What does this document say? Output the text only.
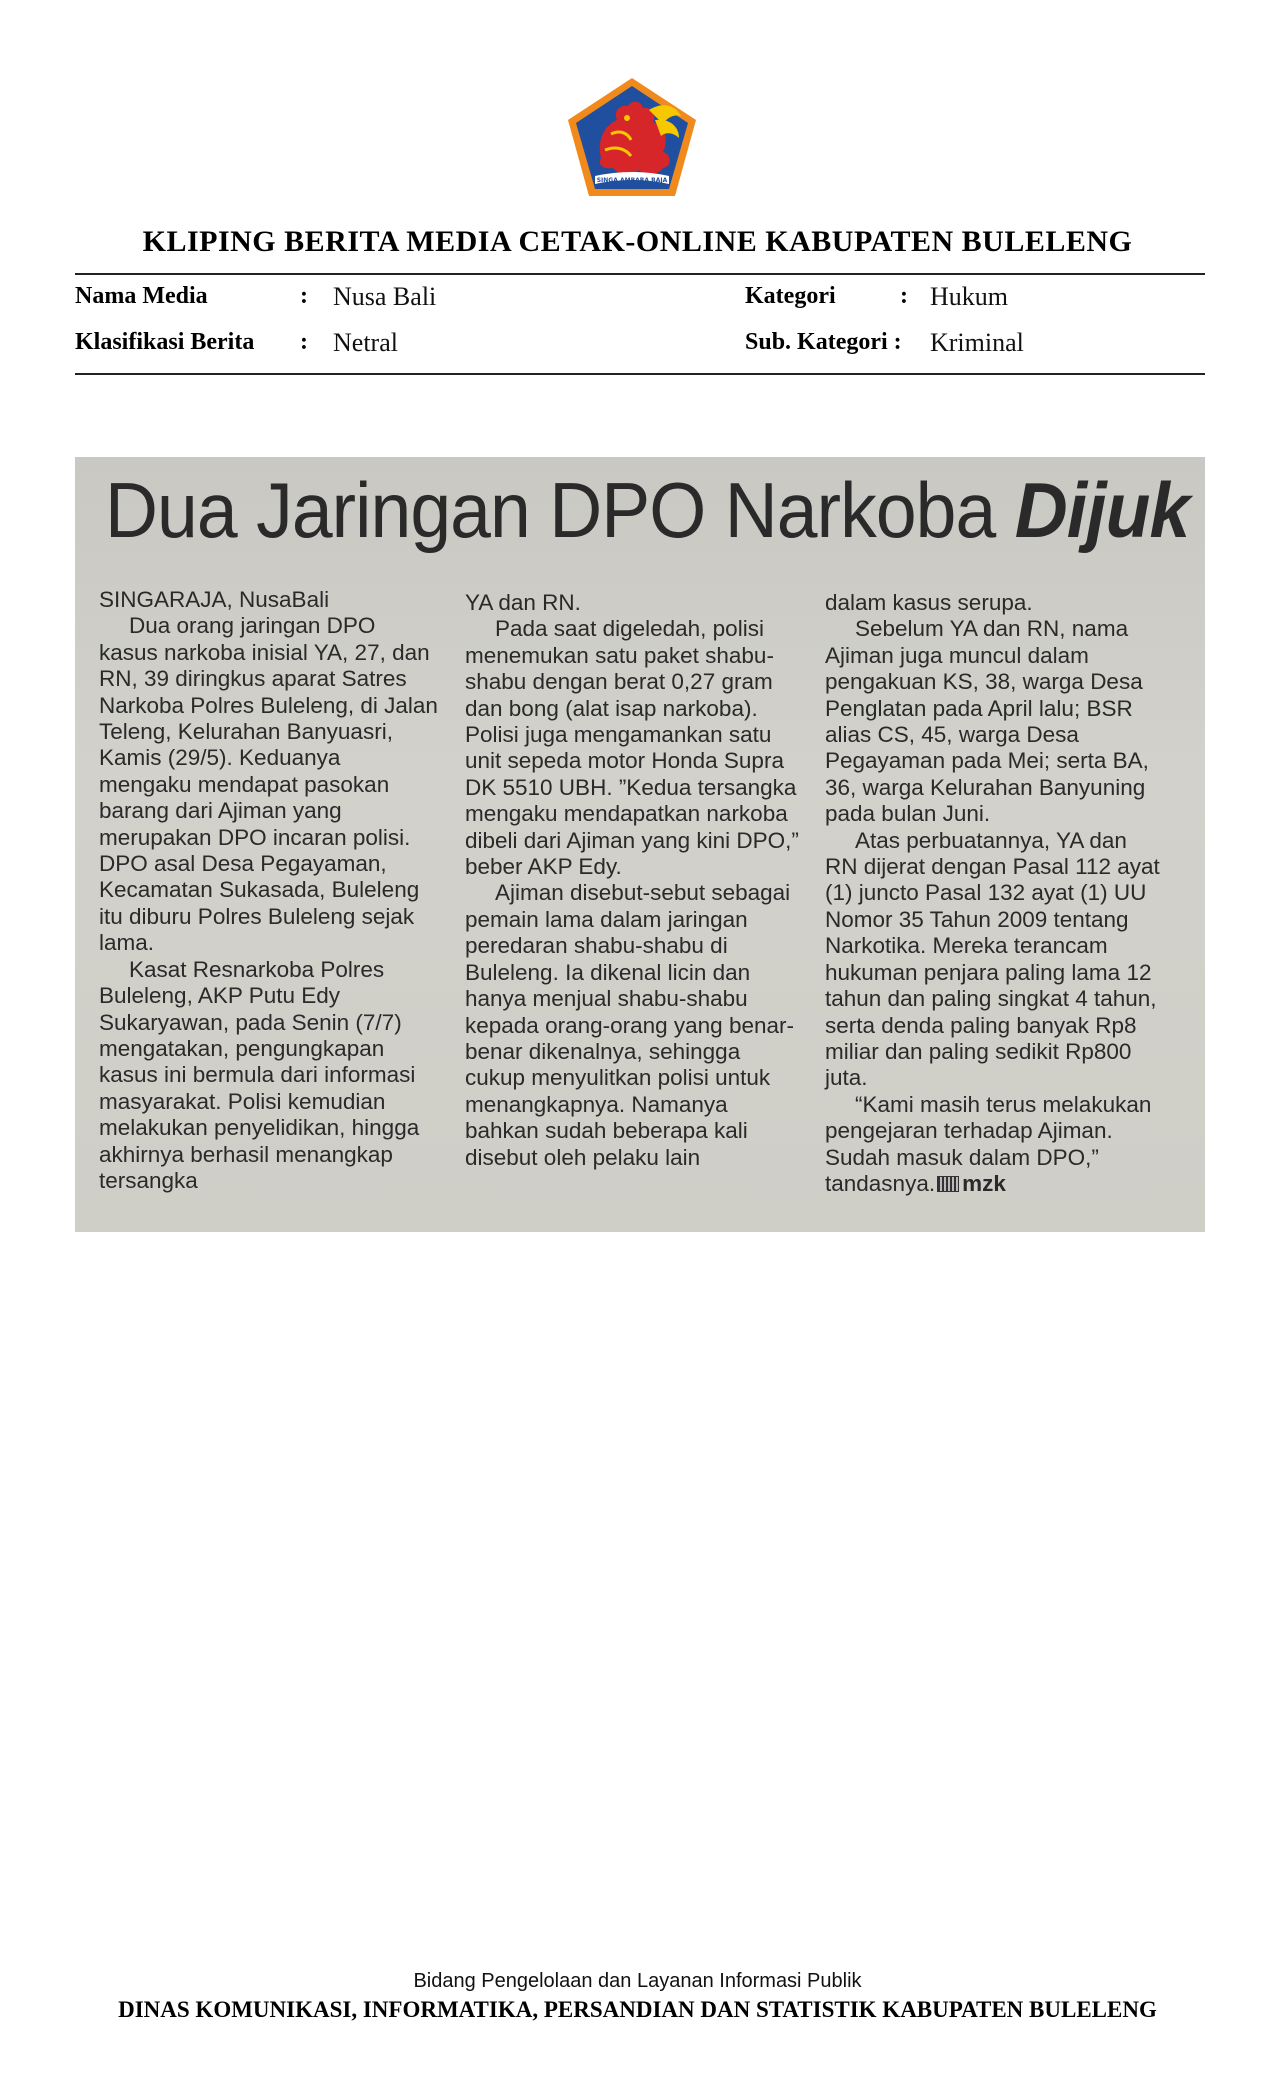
SINGA AMBARA RAJA
KLIPING BERITA MEDIA CETAK-ONLINE KABUPATEN BULELENG
Nama Media	: Nusa Bali	Kategori	: Hukum
Klasifikasi Berita : Netral	Sub. Kategori : Kriminal

Dua Jaringan DPO Narkoba Dijuk

SINGARAJA, NusaBali

Dua orang jaringan DPO kasus narkoba inisial YA, 27, dan RN, 39 diringkus aparat Satres Narkoba Polres Buleleng, di Jalan Teleng, Kelurahan Banyuasri, Kamis (29/5). Keduanya mengaku mendapat pasokan barang dari Ajiman yang merupakan DPO incaran polisi. DPO asal Desa Pegayaman, Kecamatan Sukasada, Buleleng itu diburu Polres Buleleng sejak lama.

Kasat Resnarkoba Polres Buleleng, AKP Putu Edy Sukaryawan, pada Senin (7/7) mengatakan, pengungkapan kasus ini bermula dari informasi masyarakat. Polisi kemudian melakukan penyelidikan, hingga akhirnya berhasil menangkap tersangka

YA dan RN.

Pada saat digeledah, polisi menemukan satu paket shabu-shabu dengan berat 0,27 gram dan bong (alat isap narkoba). Polisi juga mengamankan satu unit sepeda motor Honda Supra DK 5510 UBH. ”Kedua tersangka mengaku mendapatkan narkoba dibeli dari Ajiman yang kini DPO,” beber AKP Edy.

Ajiman disebut-sebut sebagai pemain lama dalam jaringan peredaran shabu-shabu di Buleleng. Ia dikenal licin dan hanya menjual shabu-shabu kepada orang-orang yang benar-benar dikenalnya, sehingga cukup menyulitkan polisi untuk menangkapnya. Namanya bahkan sudah beberapa kali disebut oleh pelaku lain

dalam kasus serupa.

Sebelum YA dan RN, nama Ajiman juga muncul dalam pengakuan KS, 38, warga Desa Penglatan pada April lalu; BSR alias CS, 45, warga Desa Pegayaman pada Mei; serta BA, 36, warga Kelurahan Banyuning pada bulan Juni.

Atas perbuatannya, YA dan RN dijerat dengan Pasal 112 ayat (1) juncto Pasal 132 ayat (1) UU Nomor 35 Tahun 2009 tentang Narkotika. Mereka terancam hukuman penjara paling lama 12 tahun dan paling singkat 4 tahun, serta denda paling banyak Rp8 miliar dan paling sedikit Rp800 juta.

“Kami masih terus melakukan pengejaran terhadap Ajiman. Sudah masuk dalam DPO,” tandasnya. mzk

Bidang Pengelolaan dan Layanan Informasi Publik
DINAS KOMUNIKASI, INFORMATIKA, PERSANDIAN DAN STATISTIK KABUPATEN BULELENG
